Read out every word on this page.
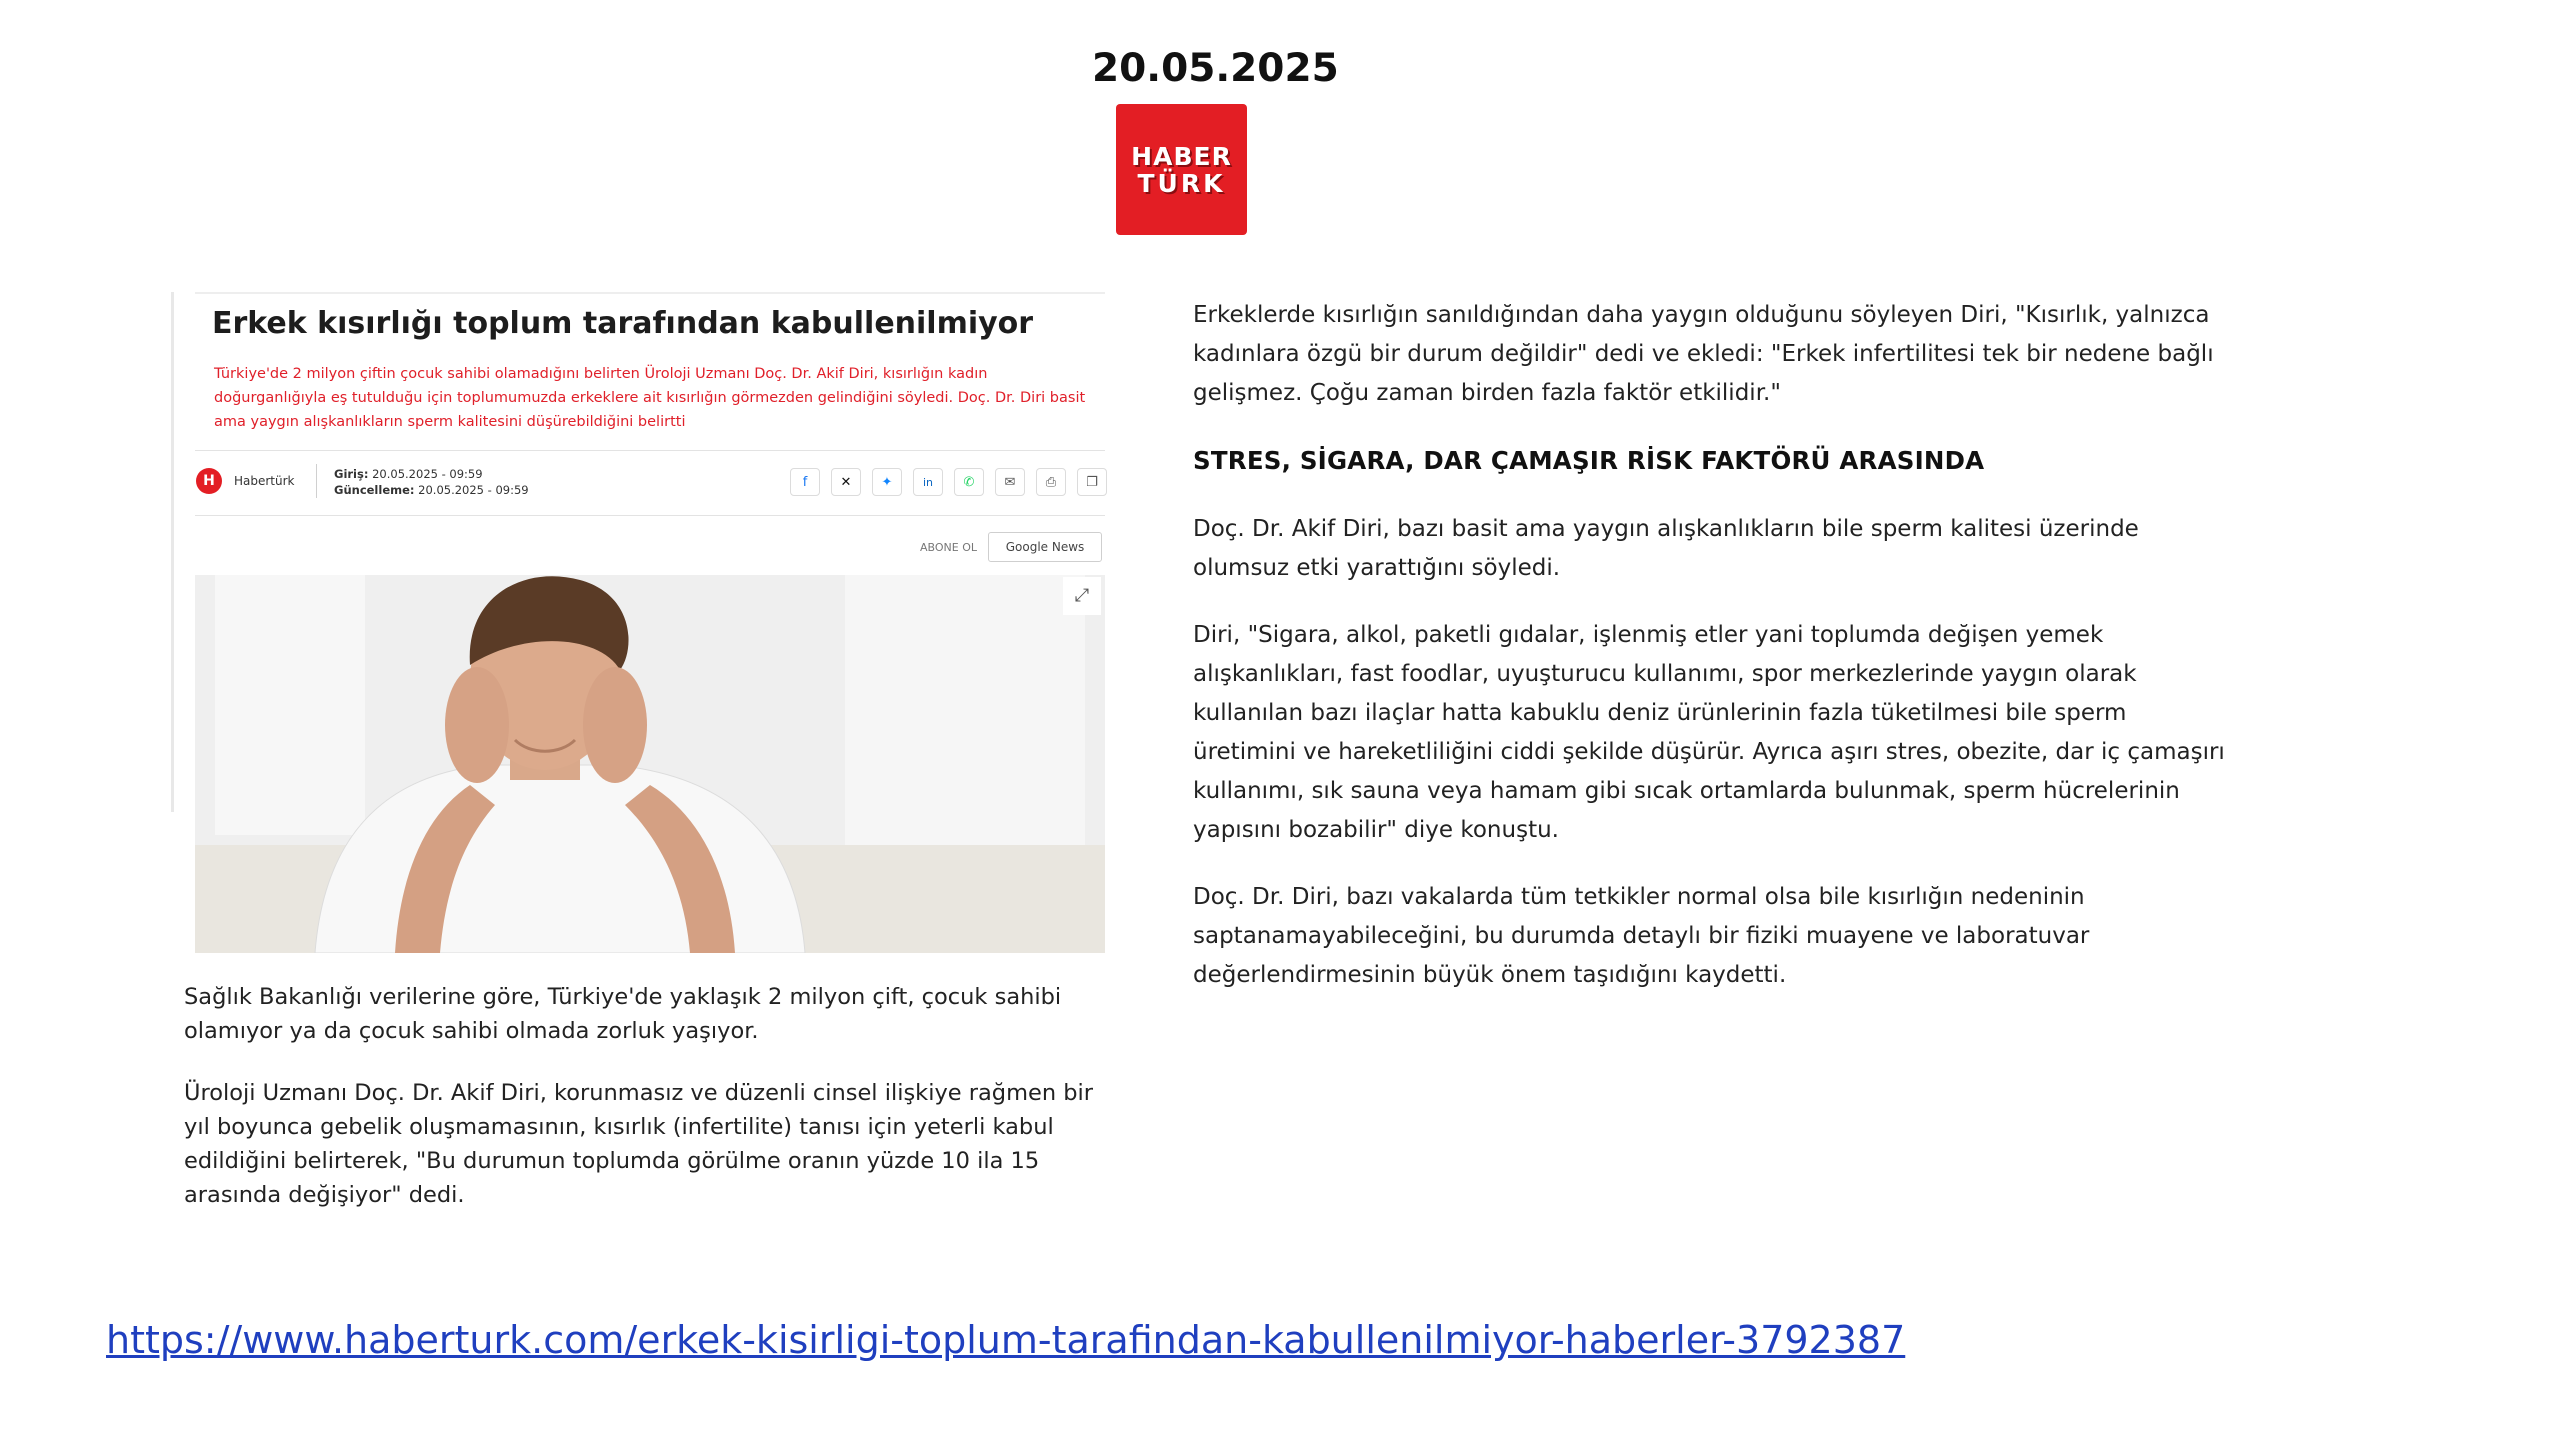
20.05.2025
HABER
TÜRK
Erkek kısırlığı toplum tarafından kabullenilmiyor
Türkiye'de 2 milyon çiftin çocuk sahibi olamadığını belirten Üroloji Uzmanı Doç. Dr. Akif Diri, kısırlığın kadın doğurganlığıyla eş tutulduğu için toplumumuzda erkeklere ait kısırlığın görmezden gelindiğini söyledi. Doç. Dr. Diri basit ama yaygın alışkanlıkların sperm kalitesini düşürebildiğini belirtti
H	Habertürk	Giriş: 20.05.2025 - 09:59
Güncelleme: 20.05.2025 - 09:59
f	✕	✦	in	✆	✉	⎙	❐
ABONE OL	Google News
⤢

Sağlık Bakanlığı verilerine göre, Türkiye'de yaklaşık 2 milyon çift, çocuk sahibi olamıyor ya da çocuk sahibi olmada zorluk yaşıyor.

Üroloji Uzmanı Doç. Dr. Akif Diri, korunmasız ve düzenli cinsel ilişkiye rağmen bir yıl boyunca gebelik oluşmamasının, kısırlık (infertilite) tanısı için yeterli kabul edildiğini belirterek, "Bu durumun toplumda görülme oranın yüzde 10 ila 15 arasında değişiyor" dedi.

Erkeklerde kısırlığın sanıldığından daha yaygın olduğunu söyleyen Diri, "Kısırlık, yalnızca kadınlara özgü bir durum değildir" dedi ve ekledi: "Erkek infertilitesi tek bir nedene bağlı gelişmez. Çoğu zaman birden fazla faktör etkilidir."

STRES, SİGARA, DAR ÇAMAŞIR RİSK FAKTÖRÜ ARASINDA

Doç. Dr. Akif Diri, bazı basit ama yaygın alışkanlıkların bile sperm kalitesi üzerinde olumsuz etki yarattığını söyledi.

Diri, "Sigara, alkol, paketli gıdalar, işlenmiş etler yani toplumda değişen yemek alışkanlıkları, fast foodlar, uyuşturucu kullanımı, spor merkezlerinde yaygın olarak kullanılan bazı ilaçlar hatta kabuklu deniz ürünlerinin fazla tüketilmesi bile sperm üretimini ve hareketliliğini ciddi şekilde düşürür. Ayrıca aşırı stres, obezite, dar iç çamaşırı kullanımı, sık sauna veya hamam gibi sıcak ortamlarda bulunmak, sperm hücrelerinin yapısını bozabilir" diye konuştu.

Doç. Dr. Diri, bazı vakalarda tüm tetkikler normal olsa bile kısırlığın nedeninin saptanamayabileceğini, bu durumda detaylı bir fiziki muayene ve laboratuvar değerlendirmesinin büyük önem taşıdığını kaydetti.

https://www.haberturk.com/erkek-kisirligi-toplum-tarafindan-kabullenilmiyor-haberler-3792387
